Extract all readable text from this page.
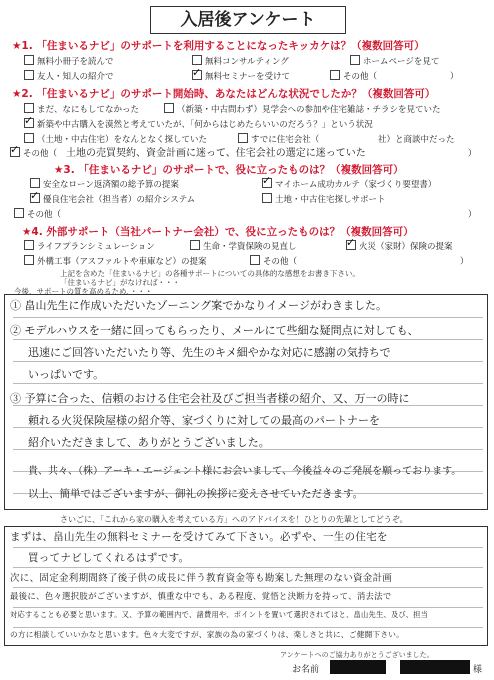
入居後アンケート
★1. 「住まいるナビ」のサポートを利用することになったキッカケは？（複数回答可）
無料小冊子を読んで	無料コンサルティング	ホームページを見て
友人・知人の紹介で ✓	無料セミナーを受けて	その他（	）
★2. 「住まいるナビ」のサポート開始時、あなたはどんな状況でしたか？（複数回答可）
まだ、なにもしてなかった	（新築・中古問わず）見学会への参加や住宅雑誌・チラシを見ていた
✓新築や中古購入を漠然と考えていたが、「何からはじめたらいいのだろう？」という状況
（土地・中古住宅）をなんとなく探していた	すでに住宅会社（	社）と商談中だった
✓その他（ 土地の売買契約、資金計画に迷って、住宅会社の選定に迷っていた	）
★3. 「住まいるナビ」のサポートで、役に立ったものは？（複数回答可）
安全なローン返済額の総予算の提案 ✓	マイホーム成功カルテ（家づくり要望書）
✓優良住宅会社（担当者）の紹介システム	土地・中古住宅探しサポート
その他（	）
★4. 外部サポート（当社パートナー会社）で、役に立ったものは？（複数回答可）
ライフプランシミュレーション	生命・学資保険の見直し ✓	火災（家財）保険の提案
外構工事（アスファルトや車庫など）の提案	その他（	）
上記を含めた「住まいるナビ」の各種サポートについての具体的な感想をお書き下さい。
「住まいるナビ」がなければ・・・
今後、サポートの質を高めるため、・・・
① 畠山先生に作成いただいたゾーニング案でかなりイメージがわきました。
② モデルハウスを一緒に回ってもらったり、メールにて些細な疑問点に対しても、
迅速にご回答いただいたり等、先生のキメ細やかな対応に感謝の気持ちで
いっぱいです。
③ 予算に合った、信頼のおける住宅会社及びご担当者様の紹介、又、万一の時に
頼れる火災保険屋様の紹介等、家づくりに対しての最高のパートナーを
紹介いただきまして、ありがとうございました。
貴、共々、（株）アーキ・エージェント様にお会いまして、今後益々のご発展を願っております。
以上、簡単ではございますが、御礼の挨拶に変えさせていただきます。
さいごに、「これから家の購入を考えている方」へのアドバイスを！ひとりの先輩としてどうぞ。
まずは、畠山先生の無料セミナーを受けてみて下さい。必ずや、一生の住宅を
買ってナビしてくれるはずです。
次に、固定金利期間終了後子供の成長に伴う教育資金等も勘案した無理のない資金計画
最後に、色々選択肢がございますが、慎重な中でも、ある程度、覚悟と決断力を持って、消去法で
対応することも必要と思います。又、予算の範囲内で、諸費用や、ポイントを置いて選択されてはと、畠山先生、及び、担当
の方に相談していいかなと思います。色々大変ですが、家族の為の家づくりは、楽しさと共に、ご健闘下さい。
アンケートへのご協力ありがとうございました。
お名前	様
